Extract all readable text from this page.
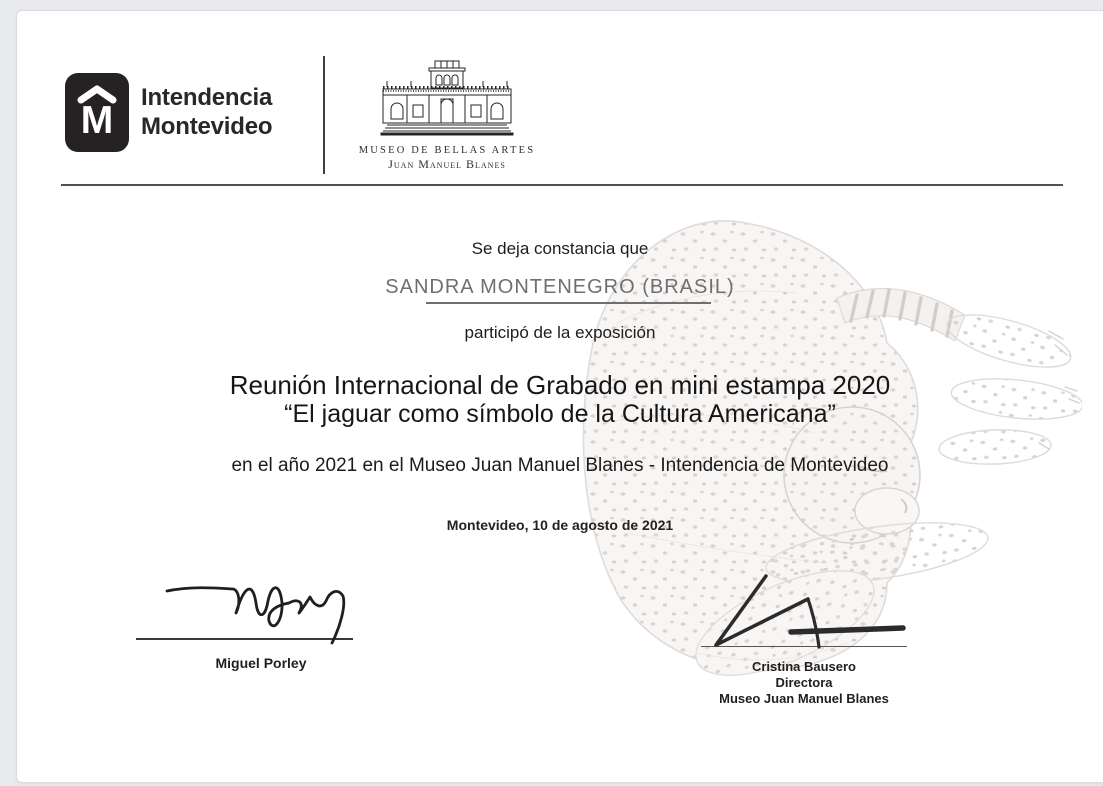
M
Intendencia
Montevideo
MUSEO DE BELLAS ARTES
Juan Manuel Blanes
Se deja constancia que
SANDRA MONTENEGRO (BRASIL)
participó de la exposición
Reunión Internacional de Grabado en mini estampa 2020
“El jaguar como símbolo de la Cultura Americana”
en el año 2021 en el Museo Juan Manuel Blanes - Intendencia de Montevideo
Montevideo, 10 de agosto de 2021
Miguel Porley	Cristina Bausero
Directora
Museo Juan Manuel Blanes
